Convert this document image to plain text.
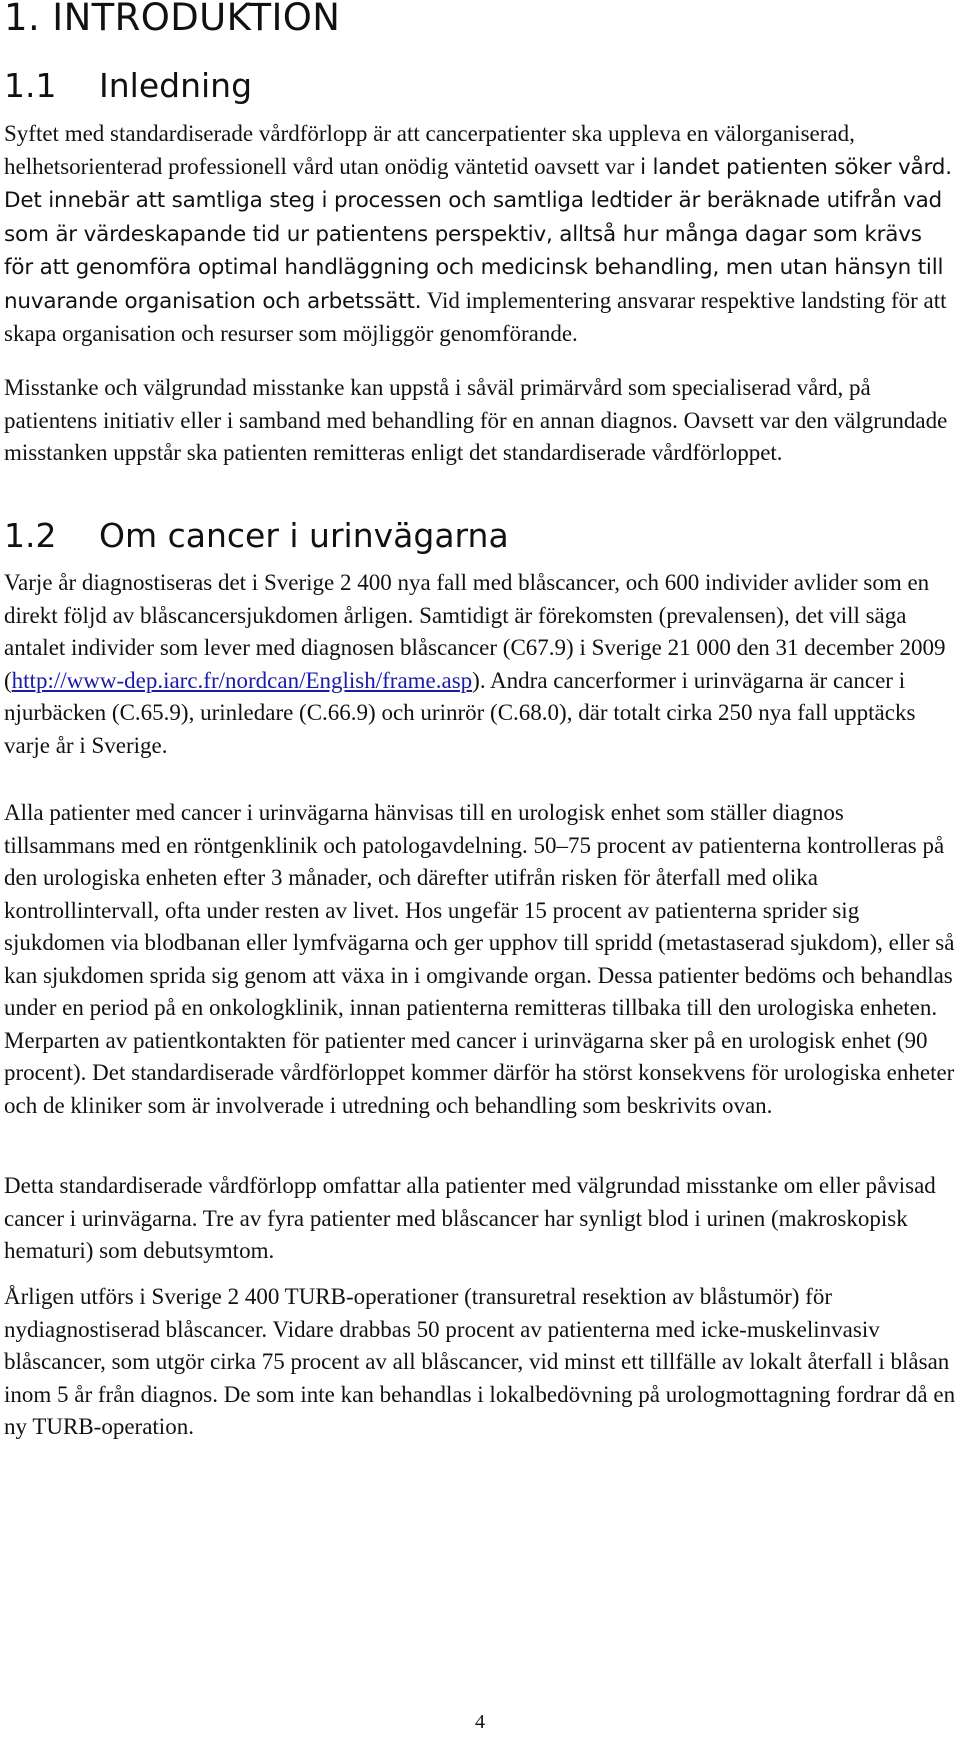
1. INTRODUKTION
1.1 Inledning

Syftet med standardiserade vårdförlopp är att cancerpatienter ska uppleva en välorganiserad, helhetsorienterad professionell vård utan onödig väntetid oavsett var i landet patienten söker vård. Det innebär att samtliga steg i processen och samtliga ledtider är beräknade utifrån vad som är värdeskapande tid ur patientens perspektiv, alltså hur många dagar som krävs för att genomföra optimal handläggning och medicinsk behandling, men utan hänsyn till nuvarande organisation och arbetssätt. Vid implementering ansvarar respektive landsting för att skapa organisation och resurser som möjliggör genomförande.

Misstanke och välgrundad misstanke kan uppstå i såväl primärvård som specialiserad vård, på patientens initiativ eller i samband med behandling för en annan diagnos. Oavsett var den välgrundade misstanken uppstår ska patienten remitteras enligt det standardiserade vårdförloppet.

1.2 Om cancer i urinvägarna

Varje år diagnostiseras det i Sverige 2 400 nya fall med blåscancer, och 600 individer avlider som en direkt följd av blåscancersjukdomen årligen. Samtidigt är förekomsten (prevalensen), det vill säga antalet individer som lever med diagnosen blåscancer (C67.9) i Sverige 21 000 den 31 december 2009 (http://www-dep.iarc.fr/nordcan/English/frame.asp). Andra cancerformer i urinvägarna är cancer i njurbäcken (C.65.9), urinledare (C.66.9) och urinrör (C.68.0), där totalt cirka 250 nya fall upptäcks varje år i Sverige.

Alla patienter med cancer i urinvägarna hänvisas till en urologisk enhet som ställer diagnos tillsammans med en röntgenklinik och patologavdelning. 50–75 procent av patienterna kontrolleras på den urologiska enheten efter 3 månader, och därefter utifrån risken för återfall med olika kontrollintervall, ofta under resten av livet. Hos ungefär 15 procent av patienterna sprider sig sjukdomen via blodbanan eller lymfvägarna och ger upphov till spridd (metastaserad sjukdom), eller så kan sjukdomen sprida sig genom att växa in i omgivande organ. Dessa patienter bedöms och behandlas under en period på en onkologklinik, innan patienterna remitteras tillbaka till den urologiska enheten. Merparten av patientkontakten för patienter med cancer i urinvägarna sker på en urologisk enhet (90 procent). Det standardiserade vårdförloppet kommer därför ha störst konsekvens för urologiska enheter och de kliniker som är involverade i utredning och behandling som beskrivits ovan.

Detta standardiserade vårdförlopp omfattar alla patienter med välgrundad misstanke om eller påvisad cancer i urinvägarna. Tre av fyra patienter med blåscancer har synligt blod i urinen (makroskopisk hematuri) som debutsymtom.

Årligen utförs i Sverige 2 400 TURB-operationer (transuretral resektion av blåstumör) för nydiagnostiserad blåscancer. Vidare drabbas 50 procent av patienterna med icke-muskelinvasiv blåscancer, som utgör cirka 75 procent av all blåscancer, vid minst ett tillfälle av lokalt återfall i blåsan inom 5 år från diagnos. De som inte kan behandlas i lokalbedövning på urologmottagning fordrar då en ny TURB-operation.

4
